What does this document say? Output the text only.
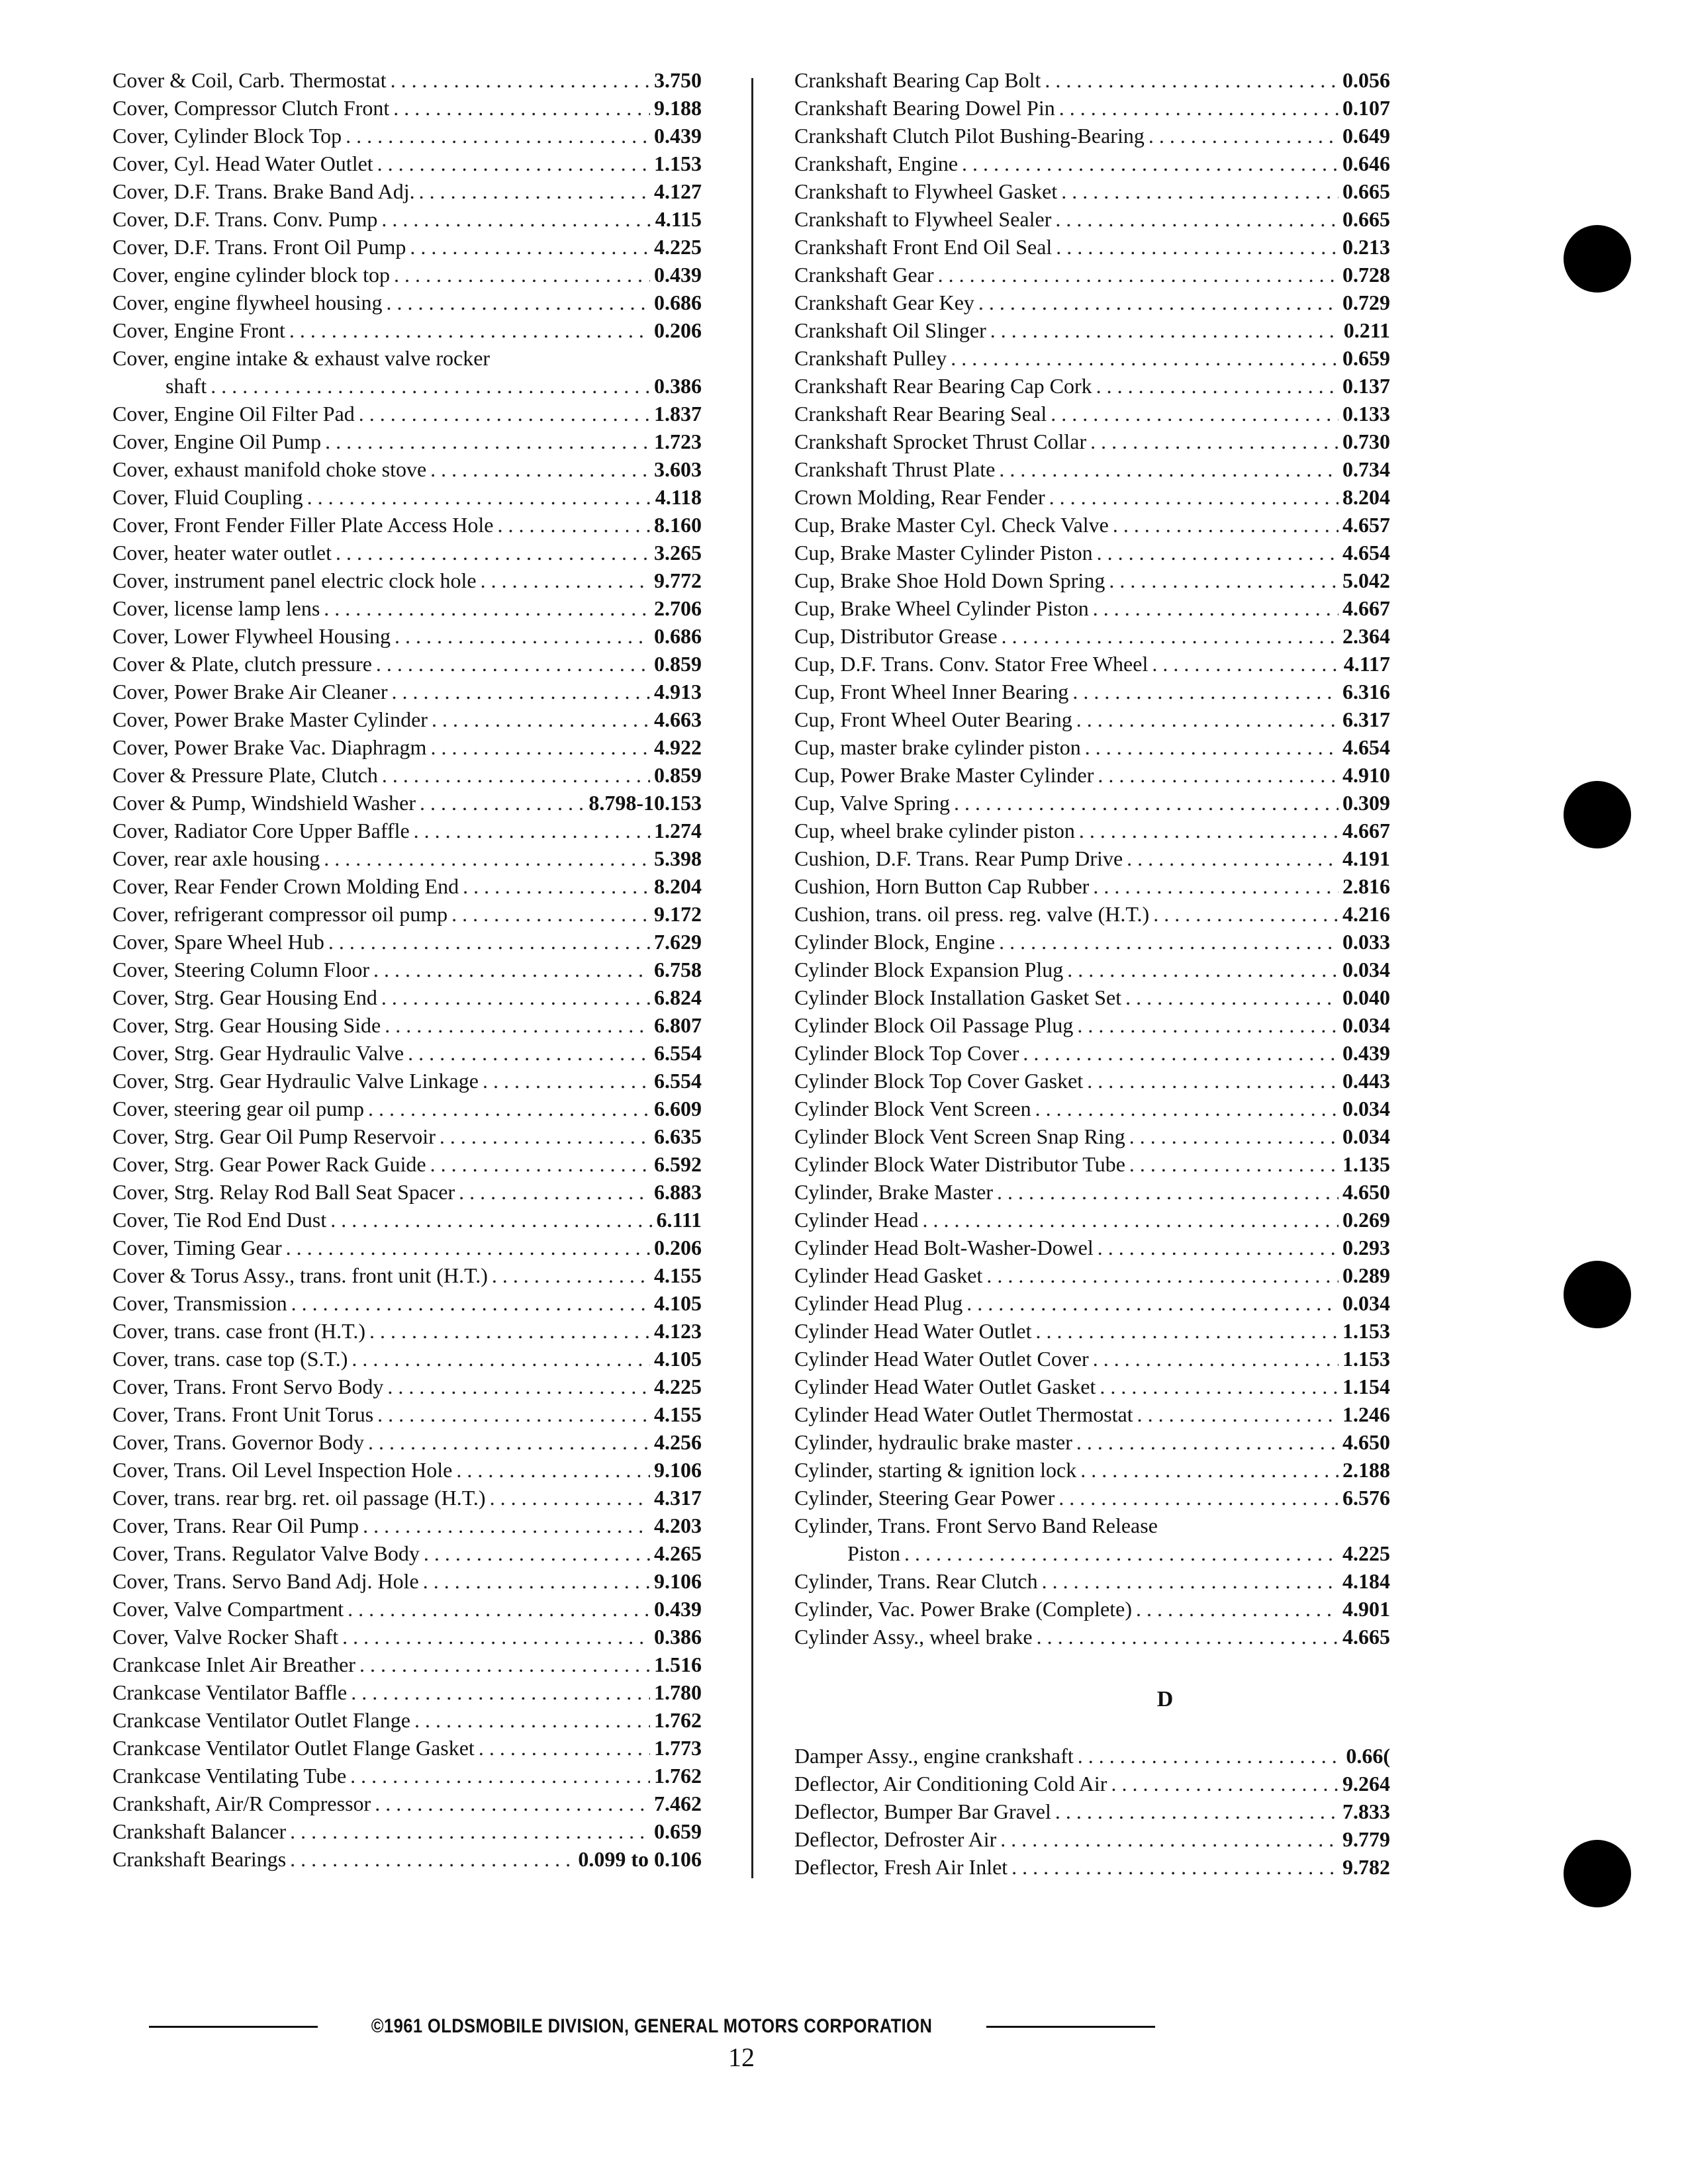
Cover & Coil, Carb. Thermostat . . .	3.750
Cover, Compressor Clutch Front . . .	9.188
Cover, Cylinder Block Top . . .	0.439
Cover, Cyl. Head Water Outlet . . .	1.153
Cover, D.F. Trans. Brake Band Adj. . . .	4.127
Cover, D.F. Trans. Conv. Pump . . .	4.115
Cover, D.F. Trans. Front Oil Pump . . .	4.225
Cover, engine cylinder block top . . .	0.439
Cover, engine flywheel housing . . .	0.686
Cover, Engine Front . . .	0.206
Cover, engine intake & exhaust valve rocker
shaft . . .	0.386
Cover, Engine Oil Filter Pad . . .	1.837
Cover, Engine Oil Pump . . .	1.723
Cover, exhaust manifold choke stove . . .	3.603
Cover, Fluid Coupling . . .	4.118
Cover, Front Fender Filler Plate Access Hole . . .	8.160
Cover, heater water outlet . . .	3.265
Cover, instrument panel electric clock hole . . .	9.772
Cover, license lamp lens . . .	2.706
Cover, Lower Flywheel Housing . . .	0.686
Cover & Plate, clutch pressure . . .	0.859
Cover, Power Brake Air Cleaner . . .	4.913
Cover, Power Brake Master Cylinder . . .	4.663
Cover, Power Brake Vac. Diaphragm . . .	4.922
Cover & Pressure Plate, Clutch . . .	0.859
Cover & Pump, Windshield Washer . . .	8.798-10.153
Cover, Radiator Core Upper Baffle . . .	1.274
Cover, rear axle housing . . .	5.398
Cover, Rear Fender Crown Molding End . . .	8.204
Cover, refrigerant compressor oil pump . . .	9.172
Cover, Spare Wheel Hub . . .	7.629
Cover, Steering Column Floor . . .	6.758
Cover, Strg. Gear Housing End . . .	6.824
Cover, Strg. Gear Housing Side . . .	6.807
Cover, Strg. Gear Hydraulic Valve . . .	6.554
Cover, Strg. Gear Hydraulic Valve Linkage . . .	6.554
Cover, steering gear oil pump . . .	6.609
Cover, Strg. Gear Oil Pump Reservoir . . .	6.635
Cover, Strg. Gear Power Rack Guide . . .	6.592
Cover, Strg. Relay Rod Ball Seat Spacer . . .	6.883
Cover, Tie Rod End Dust . . .	6.111
Cover, Timing Gear . . .	0.206
Cover & Torus Assy., trans. front unit (H.T.) . . .	4.155
Cover, Transmission . . .	4.105
Cover, trans. case front (H.T.) . . .	4.123
Cover, trans. case top (S.T.) . . .	4.105
Cover, Trans. Front Servo Body . . .	4.225
Cover, Trans. Front Unit Torus . . .	4.155
Cover, Trans. Governor Body . . .	4.256
Cover, Trans. Oil Level Inspection Hole . . .	9.106
Cover, trans. rear brg. ret. oil passage (H.T.) . . .	4.317
Cover, Trans. Rear Oil Pump . . .	4.203
Cover, Trans. Regulator Valve Body . . .	4.265
Cover, Trans. Servo Band Adj. Hole . . .	9.106
Cover, Valve Compartment . . .	0.439
Cover, Valve Rocker Shaft . . .	0.386
Crankcase Inlet Air Breather . . .	1.516
Crankcase Ventilator Baffle . . .	1.780
Crankcase Ventilator Outlet Flange . . .	1.762
Crankcase Ventilator Outlet Flange Gasket . . .	1.773
Crankcase Ventilating Tube . . .	1.762
Crankshaft, Air/R Compressor . . .	7.462
Crankshaft Balancer . . .	0.659
Crankshaft Bearings . . .	0.099 to 0.106
Crankshaft Bearing Cap Bolt . . .	0.056
Crankshaft Bearing Dowel Pin . . .	0.107
Crankshaft Clutch Pilot Bushing-Bearing . . .	0.649
Crankshaft, Engine . . .	0.646
Crankshaft to Flywheel Gasket . . .	0.665
Crankshaft to Flywheel Sealer . . .	0.665
Crankshaft Front End Oil Seal . . .	0.213
Crankshaft Gear . . .	0.728
Crankshaft Gear Key . . .	0.729
Crankshaft Oil Slinger . . .	0.211
Crankshaft Pulley . . .	0.659
Crankshaft Rear Bearing Cap Cork . . .	0.137
Crankshaft Rear Bearing Seal . . .	0.133
Crankshaft Sprocket Thrust Collar . . .	0.730
Crankshaft Thrust Plate . . .	0.734
Crown Molding, Rear Fender . . .	8.204
Cup, Brake Master Cyl. Check Valve . . .	4.657
Cup, Brake Master Cylinder Piston . . .	4.654
Cup, Brake Shoe Hold Down Spring . . .	5.042
Cup, Brake Wheel Cylinder Piston . . .	4.667
Cup, Distributor Grease . . .	2.364
Cup, D.F. Trans. Conv. Stator Free Wheel . . .	4.117
Cup, Front Wheel Inner Bearing . . .	6.316
Cup, Front Wheel Outer Bearing . . .	6.317
Cup, master brake cylinder piston . . .	4.654
Cup, Power Brake Master Cylinder . . .	4.910
Cup, Valve Spring . . .	0.309
Cup, wheel brake cylinder piston . . .	4.667
Cushion, D.F. Trans. Rear Pump Drive . . .	4.191
Cushion, Horn Button Cap Rubber . . .	2.816
Cushion, trans. oil press. reg. valve (H.T.) . . .	4.216
Cylinder Block, Engine . . .	0.033
Cylinder Block Expansion Plug . . .	0.034
Cylinder Block Installation Gasket Set . . .	0.040
Cylinder Block Oil Passage Plug . . .	0.034
Cylinder Block Top Cover . . .	0.439
Cylinder Block Top Cover Gasket . . .	0.443
Cylinder Block Vent Screen . . .	0.034
Cylinder Block Vent Screen Snap Ring . . .	0.034
Cylinder Block Water Distributor Tube . . .	1.135
Cylinder, Brake Master . . .	4.650
Cylinder Head . . .	0.269
Cylinder Head Bolt-Washer-Dowel . . .	0.293
Cylinder Head Gasket . . .	0.289
Cylinder Head Plug . . .	0.034
Cylinder Head Water Outlet . . .	1.153
Cylinder Head Water Outlet Cover . . .	1.153
Cylinder Head Water Outlet Gasket . . .	1.154
Cylinder Head Water Outlet Thermostat . . .	1.246
Cylinder, hydraulic brake master . . .	4.650
Cylinder, starting & ignition lock . . .	2.188
Cylinder, Steering Gear Power . . .	6.576
Cylinder, Trans. Front Servo Band Release
Piston . . .	4.225
Cylinder, Trans. Rear Clutch . . .	4.184
Cylinder, Vac. Power Brake (Complete) . . .	4.901
Cylinder Assy., wheel brake . . .	4.665
D
Damper Assy., engine crankshaft . . .	0.66(
Deflector, Air Conditioning Cold Air . . .	9.264
Deflector, Bumper Bar Gravel . . .	7.833
Deflector, Defroster Air . . .	9.779
Deflector, Fresh Air Inlet . . .	9.782
©1961 OLDSMOBILE DIVISION, GENERAL MOTORS CORPORATION
12
